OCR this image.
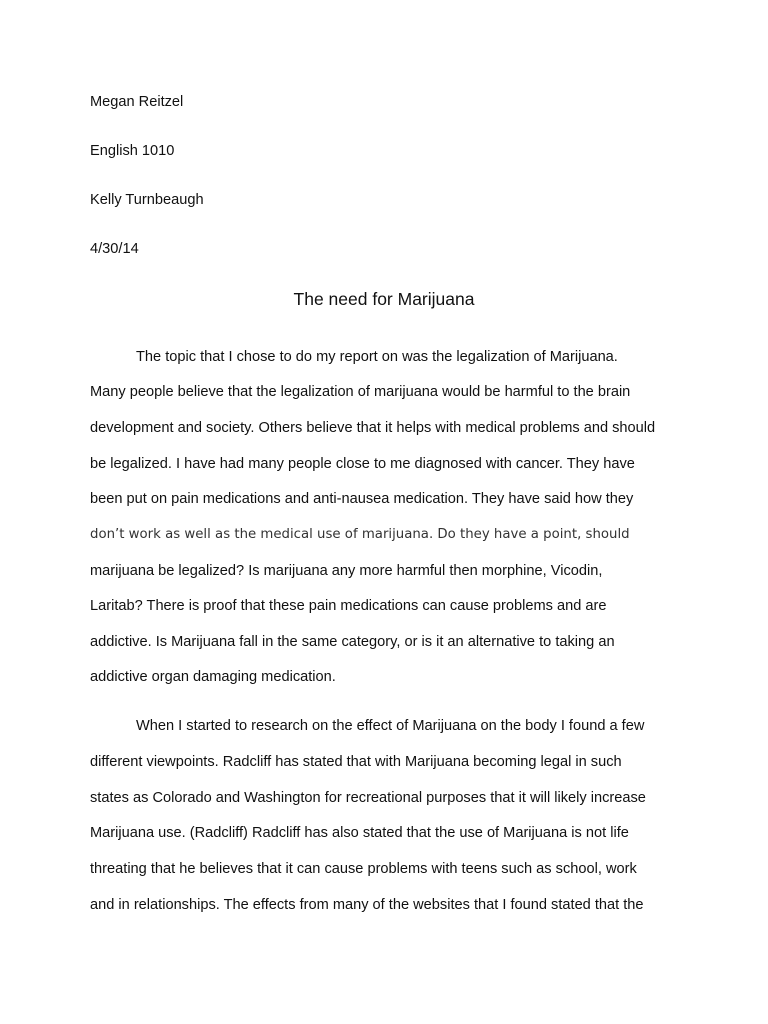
Megan Reitzel
English 1010
Kelly Turnbeaugh
4/30/14
The need for Marijuana
The topic that I chose to do my report on was the legalization of Marijuana.
Many people believe that the legalization of marijuana would be harmful to the brain
development and society. Others believe that it helps with medical problems and should
be legalized. I have had many people close to me diagnosed with cancer. They have
been put on pain medications and anti-nausea medication. They have said how they
don’t work as well as the medical use of marijuana. Do they have a point, should
marijuana be legalized? Is marijuana any more harmful then morphine, Vicodin,
Laritab? There is proof that these pain medications can cause problems and are
addictive. Is Marijuana fall in the same category, or is it an alternative to taking an
addictive organ damaging medication.
When I started to research on the effect of Marijuana on the body I found a few
different viewpoints. Radcliff has stated that with Marijuana becoming legal in such
states as Colorado and Washington for recreational purposes that it will likely increase
Marijuana use. (Radcliff) Radcliff has also stated that the use of Marijuana is not life
threating that he believes that it can cause problems with teens such as school, work
and in relationships. The effects from many of the websites that I found stated that the
